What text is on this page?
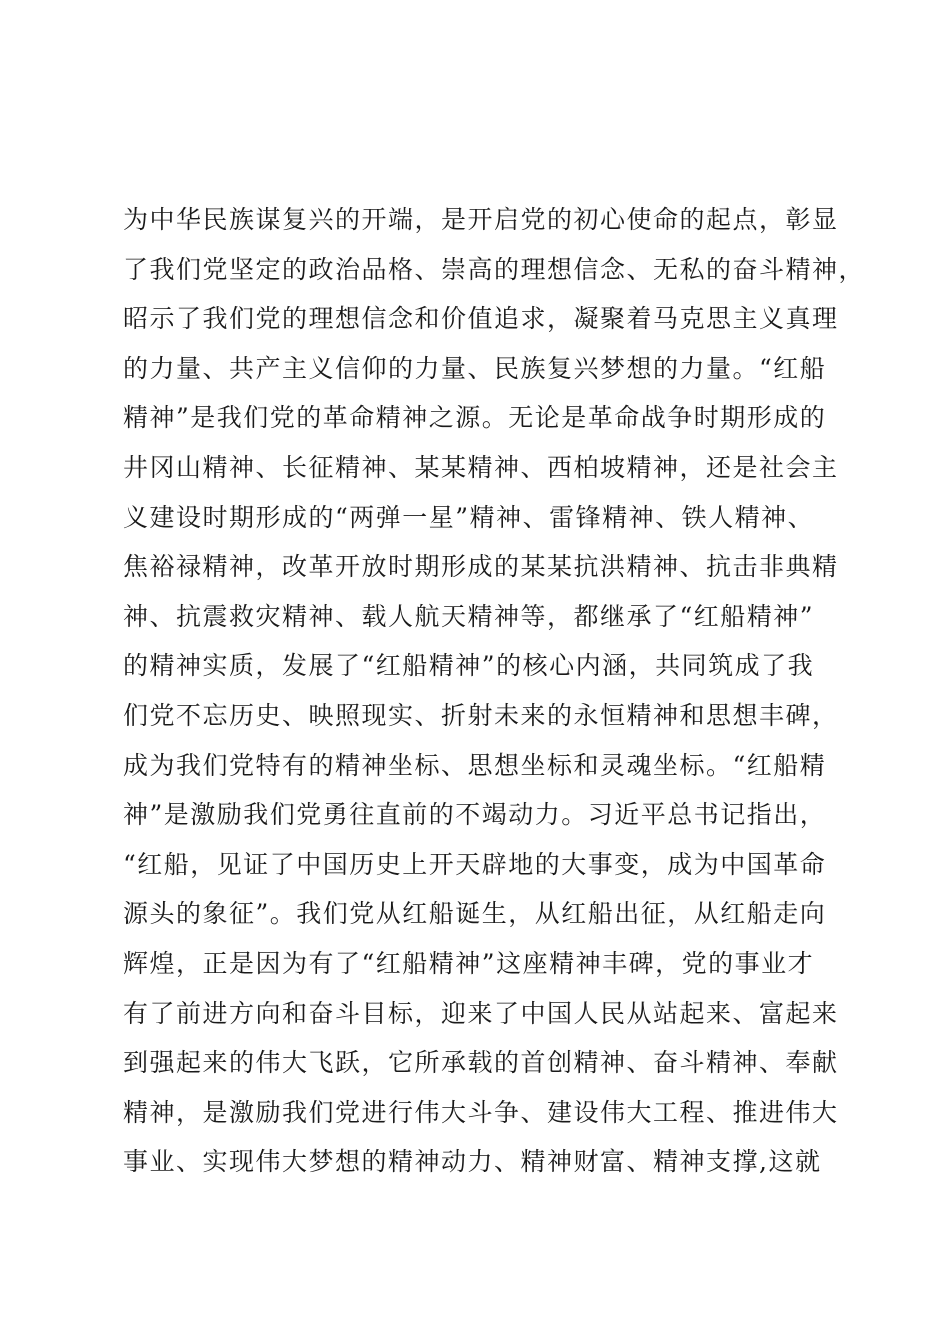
为中华民族谋复兴的开端，是开启党的初心使命的起点，彰显
了我们党坚定的政治品格、崇高的理想信念、无私的奋斗精神，
昭示了我们党的理想信念和价值追求，凝聚着马克思主义真理
的力量、共产主义信仰的力量、民族复兴梦想的力量。“红船
精神”是我们党的革命精神之源。无论是革命战争时期形成的
井冈山精神、长征精神、某某精神、西柏坡精神，还是社会主
义建设时期形成的“两弹一星”精神、雷锋精神、铁人精神、
焦裕禄精神，改革开放时期形成的某某抗洪精神、抗击非典精
神、抗震救灾精神、载人航天精神等，都继承了“红船精神”
的精神实质，发展了“红船精神”的核心内涵，共同筑成了我
们党不忘历史、映照现实、折射未来的永恒精神和思想丰碑，
成为我们党特有的精神坐标、思想坐标和灵魂坐标。“红船精
神”是激励我们党勇往直前的不竭动力。习近平总书记指出，
“红船，见证了中国历史上开天辟地的大事变，成为中国革命
源头的象征”。我们党从红船诞生，从红船出征，从红船走向
辉煌，正是因为有了“红船精神”这座精神丰碑，党的事业才
有了前进方向和奋斗目标，迎来了中国人民从站起来、富起来
到强起来的伟大飞跃，它所承载的首创精神、奋斗精神、奉献
精神，是激励我们党进行伟大斗争、建设伟大工程、推进伟大
事业、实现伟大梦想的精神动力、精神财富、精神支撑,这就
